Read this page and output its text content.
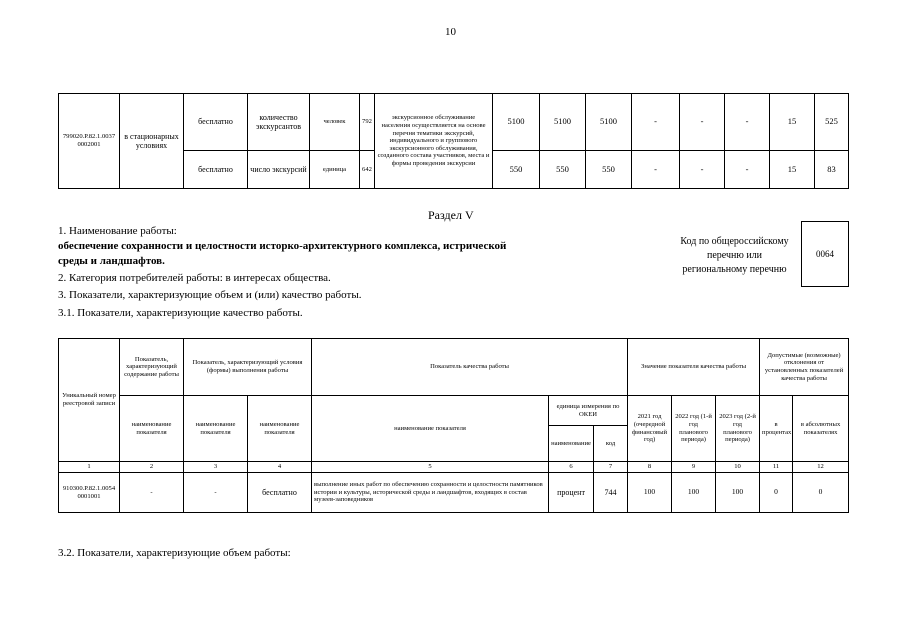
10
799020.Р.82.1.0037 0002001	в стационарных условиях	бесплатно	количество экскурсантов	человек	792	экскурсионное обслуживание населения осуществляется на основе перечня тематики экскурсий, индивидуального и группового экскурсионного обслуживания, созданного состава участников, места и формы проведения экскурсии	5100	5100	5100	-	-	-	15	525
		бесплатно	число экскурсий	единица	642		550	550	550	-	-	-	15	83
Раздел V
1. Наименование работы:
обеспечение сохранности и целостности исторко-архитектурного комплекса, истрической
среды и ландшафтов.
2. Категория потребителей работы: в интересах общества.
3. Показатели, характеризующие объем и (или) качество работы.
3.1. Показатели, характеризующие качество работы.
Код по общероссийскому
перечню или
региональному перечню
0064
Уникальный номер реестровой записи	Показатель, характеризующий содержание работы	Показатель, характеризующий условия (формы) выполнения работы		Показатель качества работы			Значение показателя качества работы			Допустимые (возможные) отклонения от установленных показателей качества работы	
	наименование показателя	наименование показателя	наименование показателя	наименование показателя	единица измерения по ОКЕИ		2021 год (очередной финансовый год)	2022 год (1-й год планового периода)	2023 год (2-й год планового периода)	в процентах	в абсолютных показателях
					наименование	код					
1	2	3	4	5	6	7	8	9	10	11	12
910300.Р.82.1.0054 0001001	-	-	бесплатно	выполнение иных работ по обеспечению сохранности и целостности памятников истории и культуры, исторической среды и ландшафтов, входящих в состав музеев-заповедников	процент	744	100	100	100	0	0
3.2. Показатели, характеризующие объем работы:
